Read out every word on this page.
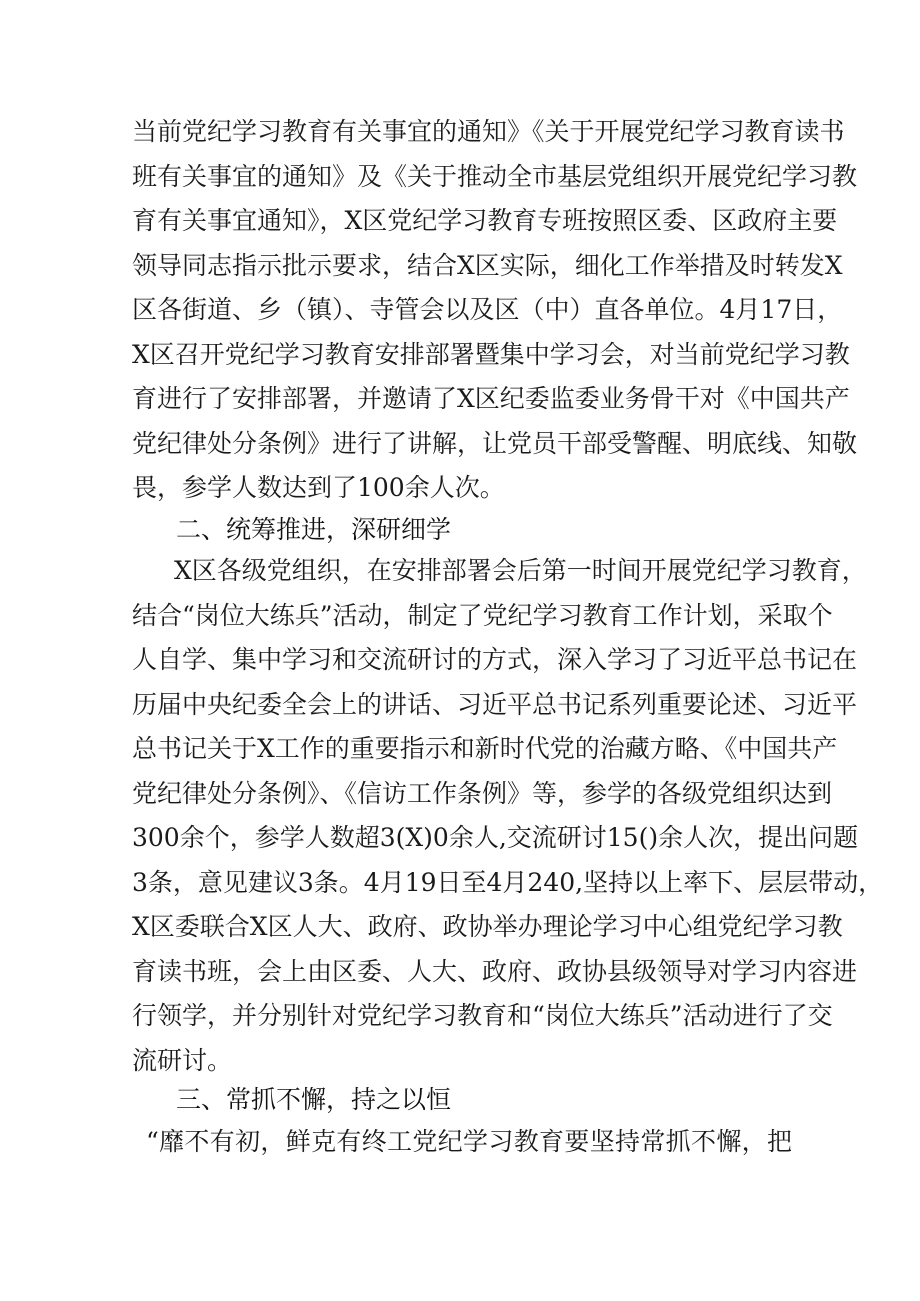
当前党纪学习教育有关事宜的通知》《关于开展党纪学习教育读书
班有关事宜的通知》及《关于推动全市基层党组织开展党纪学习教
育有关事宜通知》，X区党纪学习教育专班按照区委、区政府主要
领导同志指示批示要求，结合X区实际，细化工作举措及时转发X
区各街道、乡（镇）、寺管会以及区（中）直各单位。4月17日，
X区召开党纪学习教育安排部署暨集中学习会，对当前党纪学习教
育进行了安排部署，并邀请了X区纪委监委业务骨干对《中国共产
党纪律处分条例》进行了讲解，让党员干部受警醒、明底线、知敬
畏，参学人数达到了100余人次。
二、统筹推进，深研细学
X区各级党组织，在安排部署会后第一时间开展党纪学习教育，
结合“岗位大练兵”活动，制定了党纪学习教育工作计划，采取个
人自学、集中学习和交流研讨的方式，深入学习了习近平总书记在
历届中央纪委全会上的讲话、习近平总书记系列重要论述、习近平
总书记关于X工作的重要指示和新时代党的治藏方略、《中国共产
党纪律处分条例》、《信访工作条例》等，参学的各级党组织达到
300余个，参学人数超3(X)0余人,交流研讨15()余人次，提出问题
3条，意见建议3条。4月19日至4月240,坚持以上率下、层层带动，
X区委联合X区人大、政府、政协举办理论学习中心组党纪学习教
育读书班，会上由区委、人大、政府、政协县级领导对学习内容进
行领学，并分别针对党纪学习教育和“岗位大练兵”活动进行了交
流研讨。
三、常抓不懈，持之以恒
“靡不有初，鲜克有终工党纪学习教育要坚持常抓不懈，把
